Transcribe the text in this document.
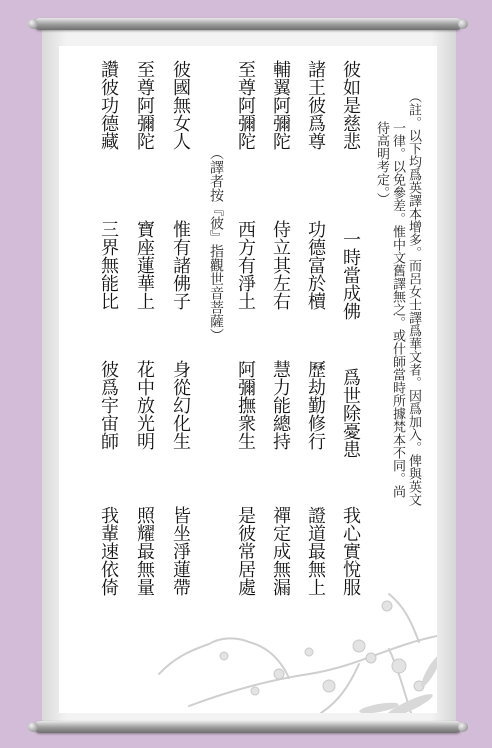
（註。以下均爲英譯本增多。而呂女士譯爲華文者。因爲加入。俾與英文
一律。以免參差。惟中文舊譯無之。或什師當時所據梵本不同。尚
待高明考定。）
彼如是慈悲
一時當成佛
爲世除憂患
我心實悅服
諸王彼爲尊
功德富於櫝
歷劫勤修行
證道最無上
輔翼阿彌陀
侍立其左右
慧力能總持
禪定成無漏
至尊阿彌陀
西方有淨土
阿彌撫衆生
是彼常居處
（譯者按『彼』指觀世音菩薩）
彼國無女人
惟有諸佛子
身從幻化生
皆坐淨蓮帶
至尊阿彌陀
寶座蓮華上
花中放光明
照耀最無量
讚彼功德藏
三界無能比
彼爲宇宙師
我輩速依倚
